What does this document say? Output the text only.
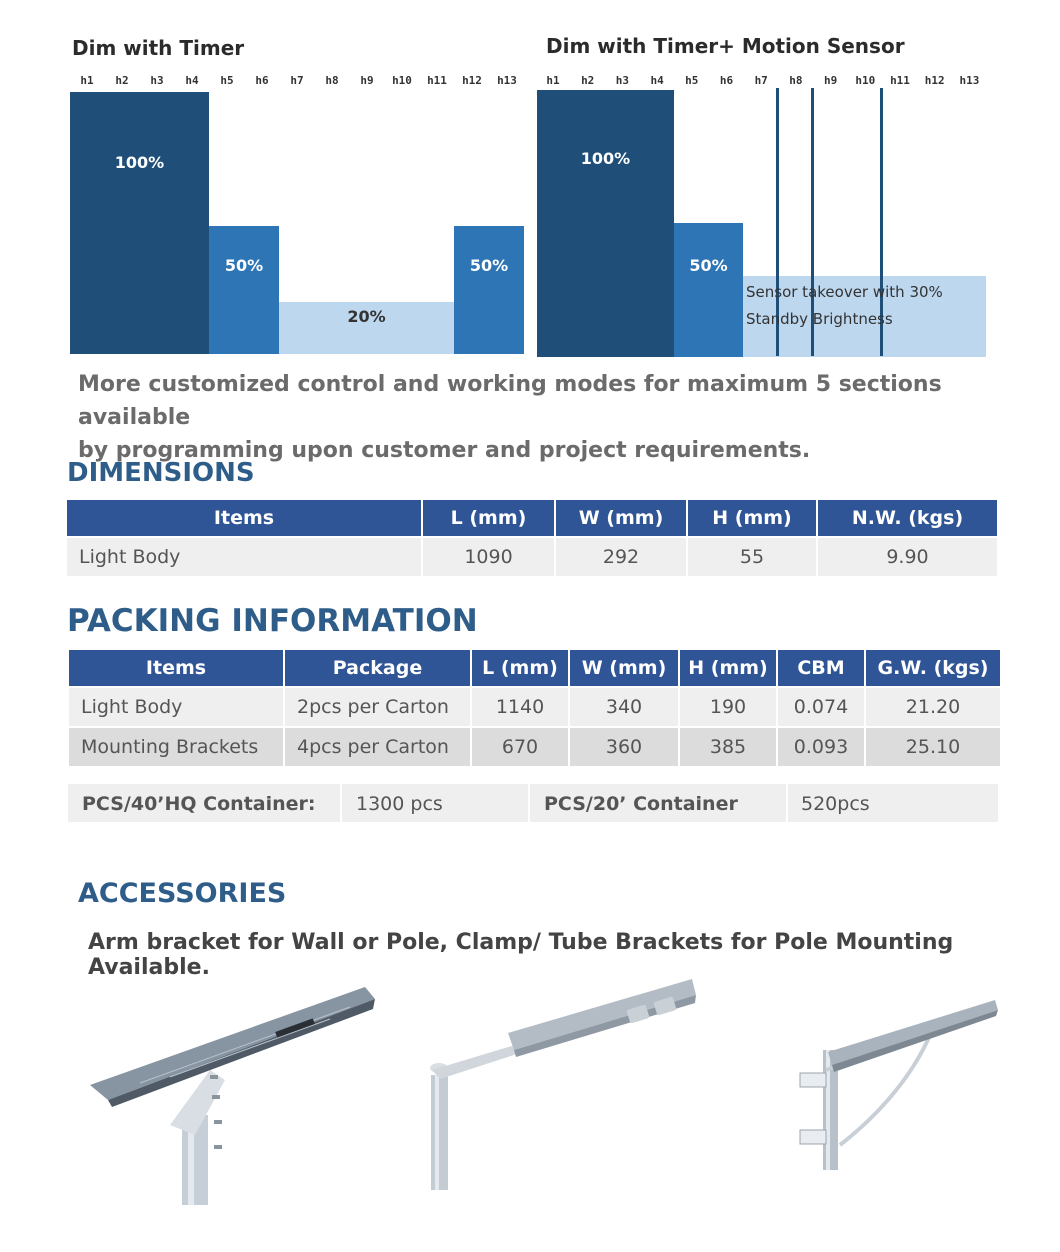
Dim with Timer
h1	h2	h3	h4	h5	h6	h7	h8	h9	h10	h11	h12	h13
100%
50%
20%
50%
Dim with Timer+ Motion Sensor
h1	h2	h3	h4	h5	h6	h7	h8	h9	h10	h11	h12	h13
100%
50%
Sensor takeover with 30%
Standby Brightness
More customized control and working modes for maximum 5 sections available
by programming upon customer and project requirements.
DIMENSIONS
Items	L (mm)	W (mm)	H (mm)	N.W. (kgs)
Light Body	1090	292	55	9.90
PACKING INFORMATION
Items	Package	L (mm)	W (mm)	H (mm)	CBM	G.W. (kgs)
Light Body	2pcs per Carton	1140	340	190	0.074	21.20
Mounting Brackets	4pcs per Carton	670	360	385	0.093	25.10
PCS/40’HQ Container: 1300 pcs	PCS/20’ Container	520pcs
ACCESSORIES
Arm bracket for Wall or Pole, Clamp/ Tube Brackets for Pole Mounting Available.
